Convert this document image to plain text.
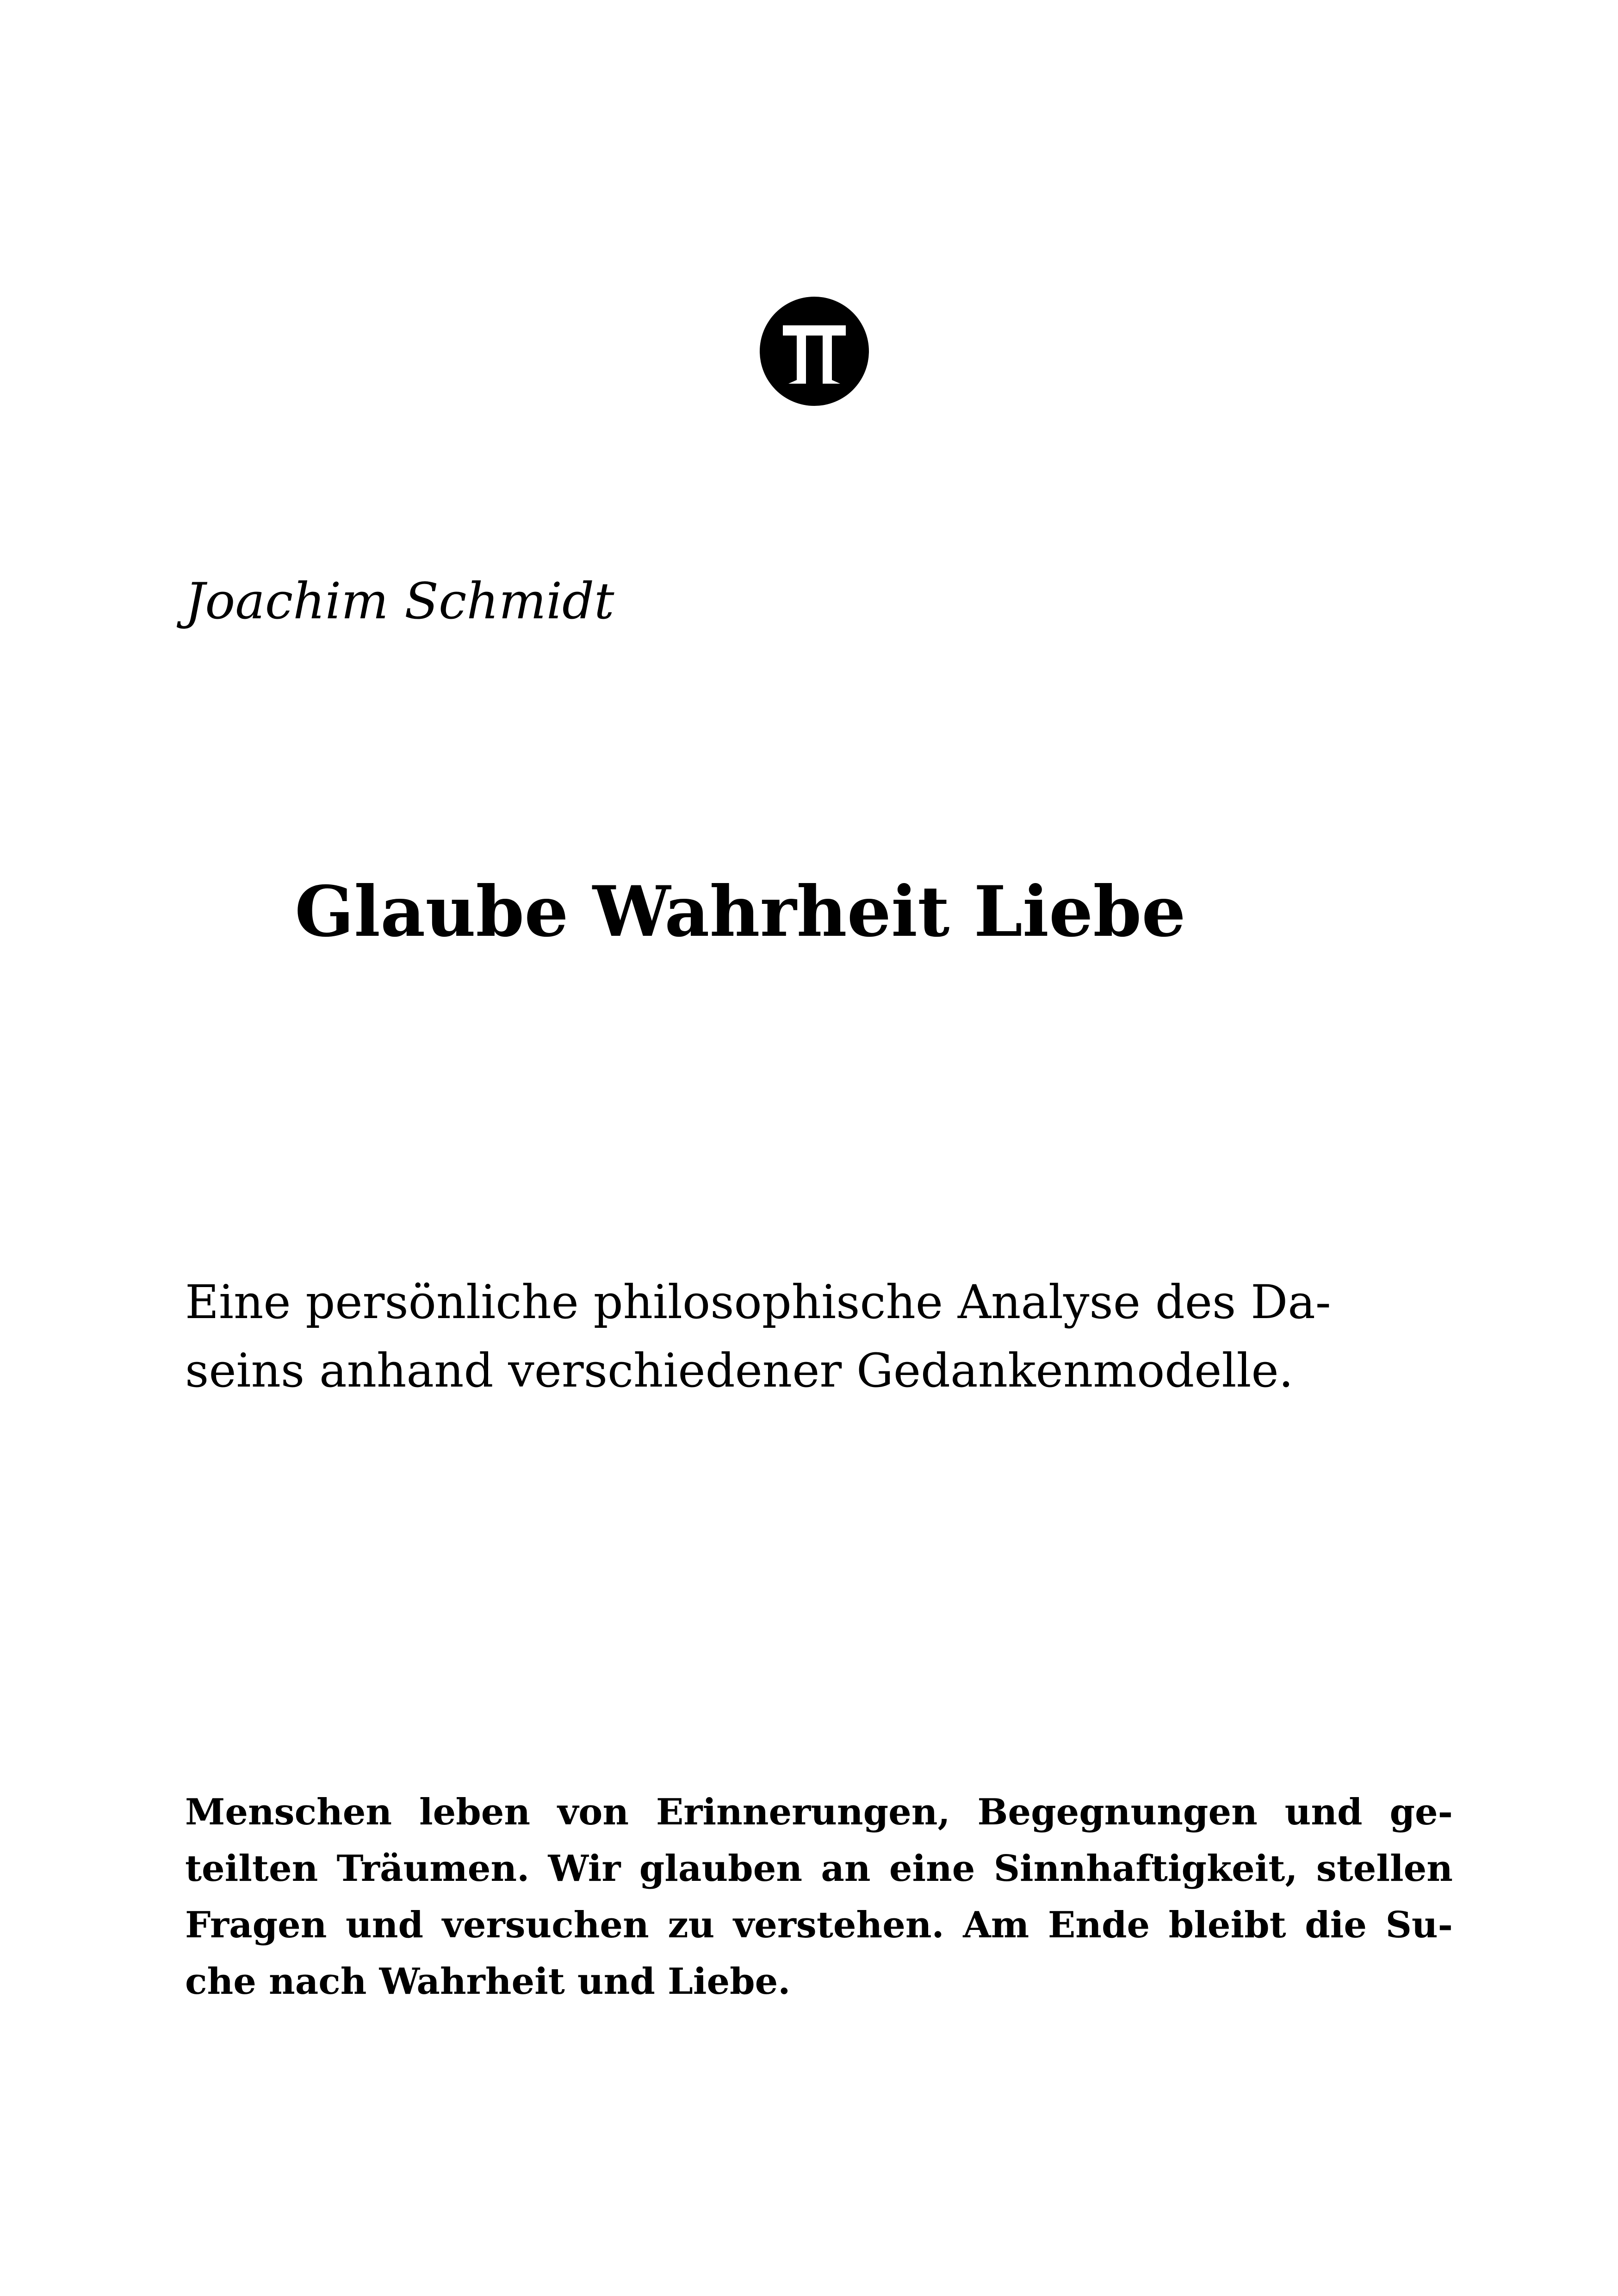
Joachim Schmidt
Glaube Wahrheit Liebe
Eine persönliche philosophische Analyse des Da-
seins anhand verschiedener Gedankenmodelle.
Menschen leben von Erinnerungen, Begegnungen und ge-
teilten Träumen. Wir glauben an eine Sinnhaftigkeit, stellen
Fragen und versuchen zu verstehen. Am Ende bleibt die Su-
che nach Wahrheit und Liebe.
